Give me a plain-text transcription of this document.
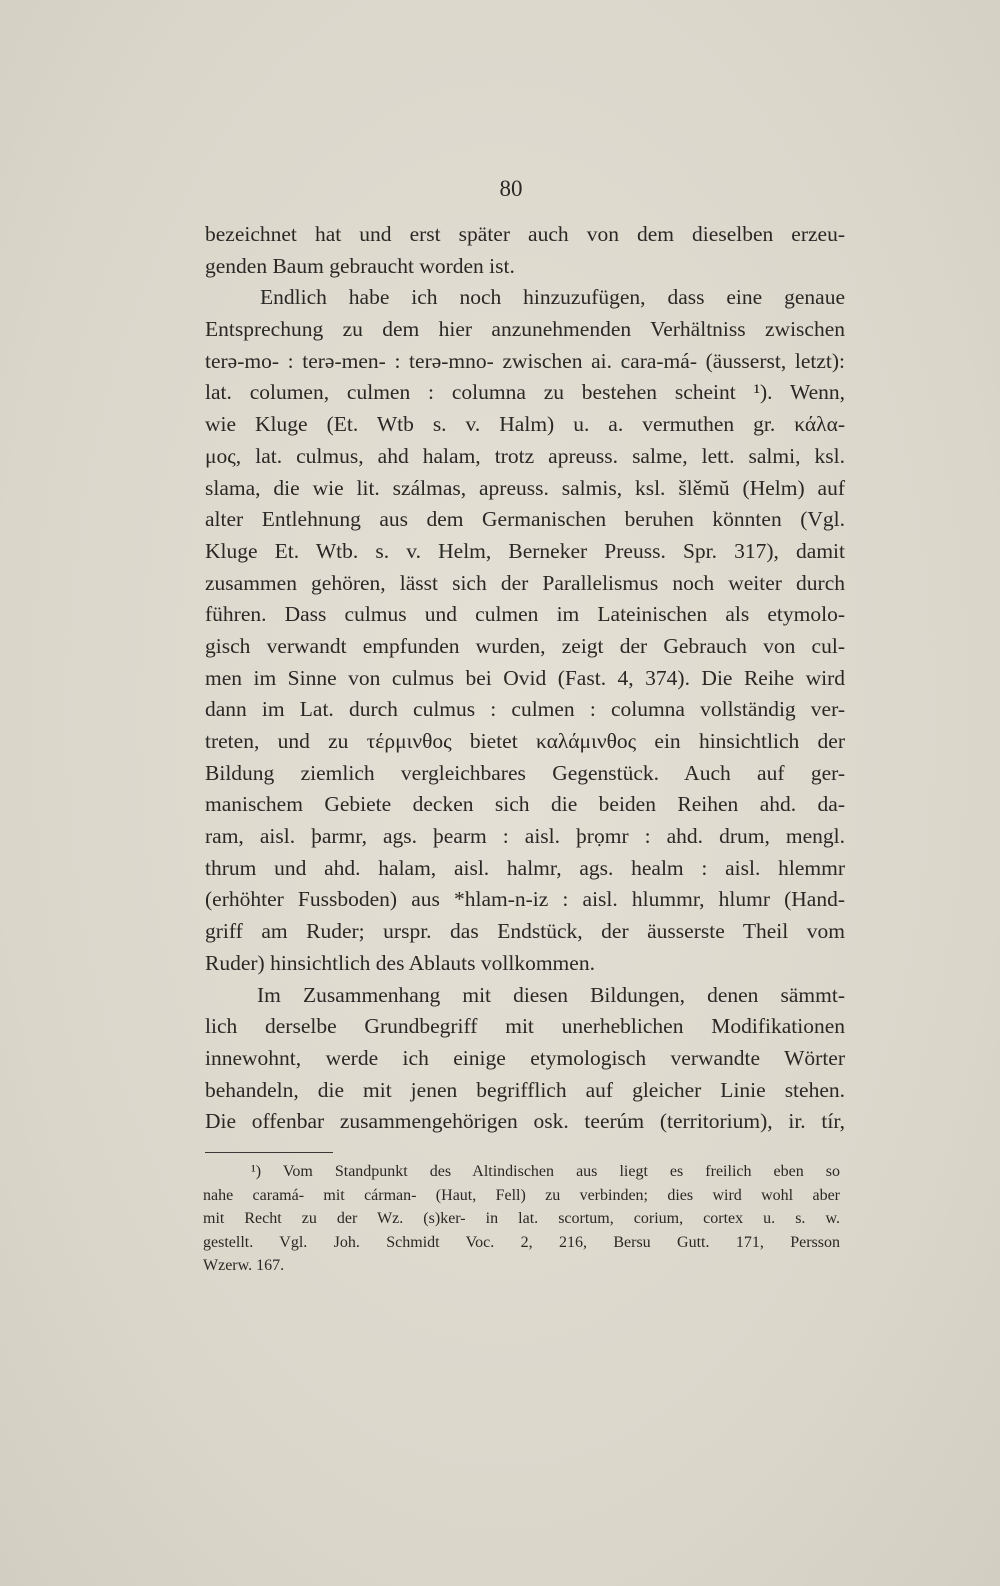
80
bezeichnet hat und erst später auch von dem dieselben erzeu-
genden Baum gebraucht worden ist.
Endlich habe ich noch hinzuzufügen, dass eine genaue
Entsprechung zu dem hier anzunehmenden Verhältniss zwischen
terə-mo- : terə-men- : terə-mno- zwischen ai. cara-má- (äusserst, letzt):
lat. columen, culmen : columna zu bestehen scheint ¹). Wenn,
wie Kluge (Et. Wtb s. v. Halm) u. a. vermuthen gr. κάλα-
μος, lat. culmus, ahd halam, trotz apreuss. salme, lett. salmi, ksl.
slama, die wie lit. szálmas, apreuss. salmis, ksl. šlěmŭ (Helm) auf
alter Entlehnung aus dem Germanischen beruhen könnten (Vgl.
Kluge Et. Wtb. s. v. Helm, Berneker Preuss. Spr. 317), damit
zusammen gehören, lässt sich der Parallelismus noch weiter durch
führen. Dass culmus und culmen im Lateinischen als etymolo-
gisch verwandt empfunden wurden, zeigt der Gebrauch von cul-
men im Sinne von culmus bei Ovid (Fast. 4, 374). Die Reihe wird
dann im Lat. durch culmus : culmen : columna vollständig ver-
treten, und zu τέρμινθος bietet καλάμινθος ein hinsichtlich der
Bildung ziemlich vergleichbares Gegenstück. Auch auf ger-
manischem Gebiete decken sich die beiden Reihen ahd. da-
ram, aisl. þarmr, ags. þearm : aisl. þrọmr : ahd. drum, mengl.
thrum und ahd. halam, aisl. halmr, ags. healm : aisl. hlemmr
(erhöhter Fussboden) aus *hlam-n-iz : aisl. hlummr, hlumr (Hand-
griff am Ruder; urspr. das Endstück, der äusserste Theil vom
Ruder) hinsichtlich des Ablauts vollkommen.
Im Zusammenhang mit diesen Bildungen, denen sämmt-
lich derselbe Grundbegriff mit unerheblichen Modifikationen
innewohnt, werde ich einige etymologisch verwandte Wörter
behandeln, die mit jenen begrifflich auf gleicher Linie stehen.
Die offenbar zusammengehörigen osk. teerúm (territorium), ir. tír,
¹) Vom Standpunkt des Altindischen aus liegt es freilich eben so
nahe caramá- mit cárman- (Haut, Fell) zu verbinden; dies wird wohl aber
mit Recht zu der Wz. (s)ker- in lat. scortum, corium, cortex u. s. w.
gestellt. Vgl. Joh. Schmidt Voc. 2, 216, Bersu Gutt. 171, Persson
Wzerw. 167.
